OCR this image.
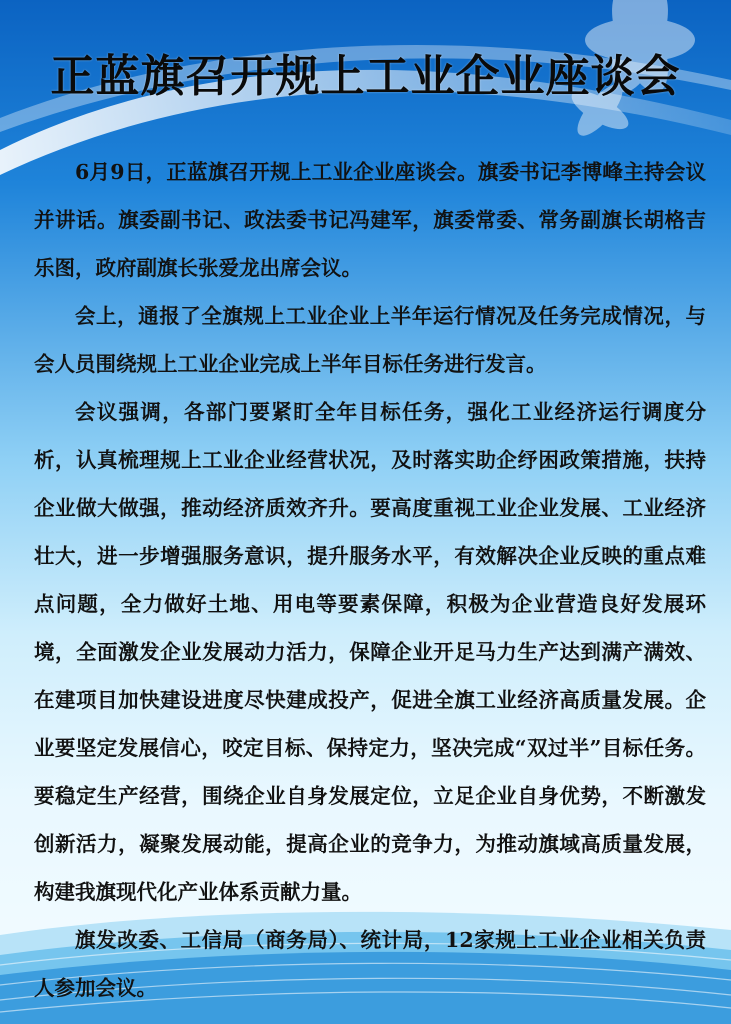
正蓝旗召开规上工业企业座谈会

6月9日，正蓝旗召开规上工业企业座谈会。旗委书记李博峰主持会议并讲话。旗委副书记、政法委书记冯建军，旗委常委、常务副旗长胡格吉乐图，政府副旗长张爱龙出席会议。

会上，通报了全旗规上工业企业上半年运行情况及任务完成情况，与会人员围绕规上工业企业完成上半年目标任务进行发言。

会议强调，各部门要紧盯全年目标任务，强化工业经济运行调度分析，认真梳理规上工业企业经营状况，及时落实助企纾困政策措施，扶持企业做大做强，推动经济质效齐升。要高度重视工业企业发展、工业经济壮大，进一步增强服务意识，提升服务水平，有效解决企业反映的重点难点问题，全力做好土地、用电等要素保障，积极为企业营造良好发展环境，全面激发企业发展动力活力，保障企业开足马力生产达到满产满效、在建项目加快建设进度尽快建成投产，促进全旗工业经济高质量发展。企业要坚定发展信心，咬定目标、保持定力，坚决完成“双过半”目标任务。要稳定生产经营，围绕企业自身发展定位，立足企业自身优势，不断激发创新活力，凝聚发展动能，提高企业的竞争力，为推动旗域高质量发展，构建我旗现代化产业体系贡献力量。

旗发改委、工信局（商务局）、统计局，12家规上工业企业相关负责人参加会议。
